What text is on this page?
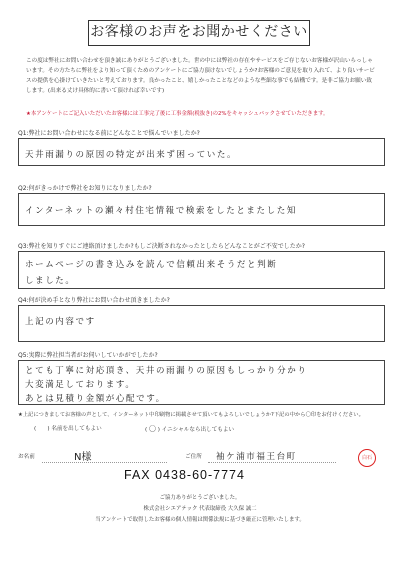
お客様のお声をお聞かせください
この度は弊社にお問い合わせを頂き誠にありがとうございました。世の中には弊社の存在やサービスをご存じないお客様が沢山いらっしゃいます。その方たちに弊社をより知って頂くためのアンケートにご協力頂けないでしょうか?お客様のご意見を取り入れて、より良いサービスの提供を心掛けていきたいと考えております。良かったこと、嬉しかったことなどのような些細な事でも結構です。是非ご協力お願い致します。(出来る丈け具体的に書いて頂ければ幸いです)
★本アンケートにご記入いただいたお客様には工事完了後に工事金額(税抜き)の2%をキャッシュバックさせていただきます。
Q1:弊社にお問い合わせになる前にどんなことで悩んでいましたか?
天井雨漏りの原因の特定が出来ず困っていた。
Q2:何がきっかけで弊社をお知りになりましたか?
インターネットの瀬々村住宅情報で検索をしたとまたした知
Q3:弊社を知りすぐにご連絡頂けましたか?もしご決断されなかったとしたらどんなことがご不安でしたか?
ホームページの書き込みを読んで信頼出来そうだと判断
しました。
Q4:何が決め手となり弊社にお問い合わせ頂きましたか?
上記の内容です
Q5:実際に弊社担当者がお伺いしていかがでしたか?
とても丁寧に対応頂き、天井の雨漏りの原因もしっかり分かり
大変満足しております。
あとは見積り金額が心配です。
★上記につきましてお客様の声として、インターネット中印刷物に掲載させて頂いてもよろしいでしょうか?下記の中から〇印をお付けください。
(　　) 名前を出してもよい	( 〇 ) イニシャルなら出してもよい
お名前	N様	ご住所 袖ケ浦市福王台町	白石
FAX 0438-60-7774
ご協力ありがとうございました。
株式会社シエアテック 代表取締役 大久保 誠二
当アンケートで取得したお客様の個人情報は関係法規に基づき厳正に管理いたします。
